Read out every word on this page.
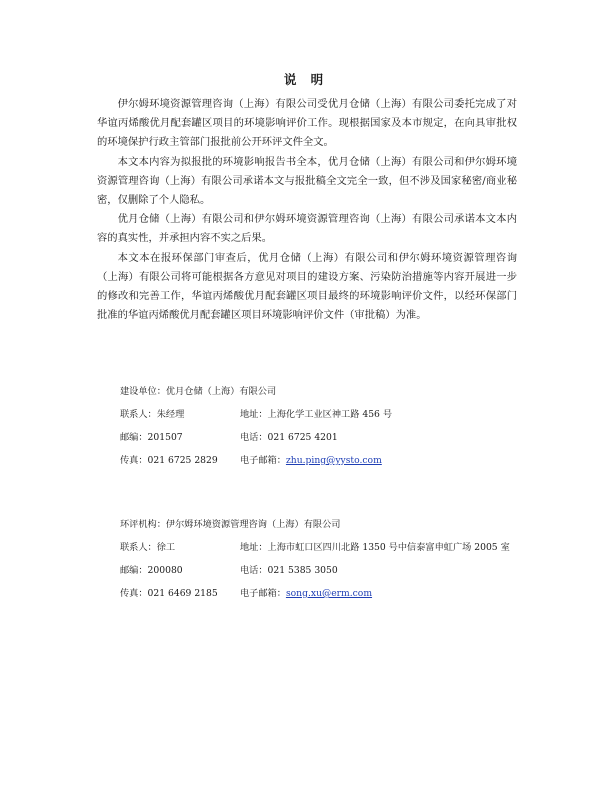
说 明

伊尔姆环境资源管理咨询（上海）有限公司受优月仓储（上海）有限公司委托完成了对华谊丙烯酸优月配套罐区项目的环境影响评价工作。现根据国家及本市规定，在向具审批权的环境保护行政主管部门报批前公开环评文件全文。

本文本内容为拟报批的环境影响报告书全本，优月仓储（上海）有限公司和伊尔姆环境资源管理咨询（上海）有限公司承诺本文与报批稿全文完全一致，但不涉及国家秘密/商业秘密，仅删除了个人隐私。

优月仓储（上海）有限公司和伊尔姆环境资源管理咨询（上海）有限公司承诺本文本内容的真实性，并承担内容不实之后果。

本文本在报环保部门审查后，优月仓储（上海）有限公司和伊尔姆环境资源管理咨询（上海）有限公司将可能根据各方意见对项目的建设方案、污染防治措施等内容开展进一步的修改和完善工作，华谊丙烯酸优月配套罐区项目最终的环境影响评价文件，以经环保部门批准的华谊丙烯酸优月配套罐区项目环境影响评价文件（审批稿）为准。

建设单位：优月仓储（上海）有限公司
联系人：朱经理	地址：上海化学工业区神工路 456 号
邮编：201507	电话：021 6725 4201
传真：021 6725 2829 电子邮箱：zhu.ping@yysto.com
环评机构：伊尔姆环境资源管理咨询（上海）有限公司
联系人：徐工	地址：上海市虹口区四川北路 1350 号中信泰富申虹广场 2005 室
邮编：200080	电话：021 5385 3050
传真：021 6469 2185 电子邮箱：song.xu@erm.com
